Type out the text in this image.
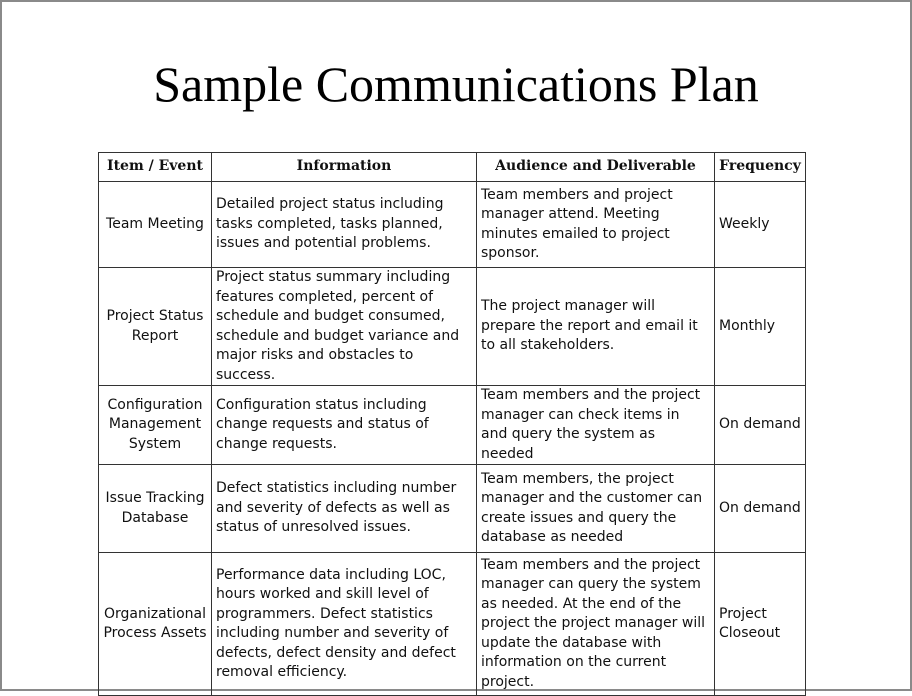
Sample Communications Plan
Item / Event	Information	Audience and Deliverable	Frequency
Team Meeting	Detailed project status including tasks completed, tasks planned, issues and potential problems.	Team members and project manager attend. Meeting minutes emailed to project sponsor.	Weekly
Project Status Report	Project status summary including features completed, percent of schedule and budget consumed, schedule and budget variance and major risks and obstacles to success.	The project manager will prepare the report and email it to all stakeholders.	Monthly
Configuration Management System	Configuration status including change requests and status of change requests.	Team members and the project manager can check items in and query the system as needed	On demand
Issue Tracking Database	Defect statistics including number and severity of defects as well as status of unresolved issues.	Team members, the project manager and the customer can create issues and query the database as needed	On demand
Organizational Process Assets	Performance data including LOC, hours worked and skill level of programmers. Defect statistics including number and severity of defects, defect density and defect removal efficiency.	Team members and the project manager can query the system as needed. At the end of the project the project manager will update the database with information on the current project.	Project Closeout
